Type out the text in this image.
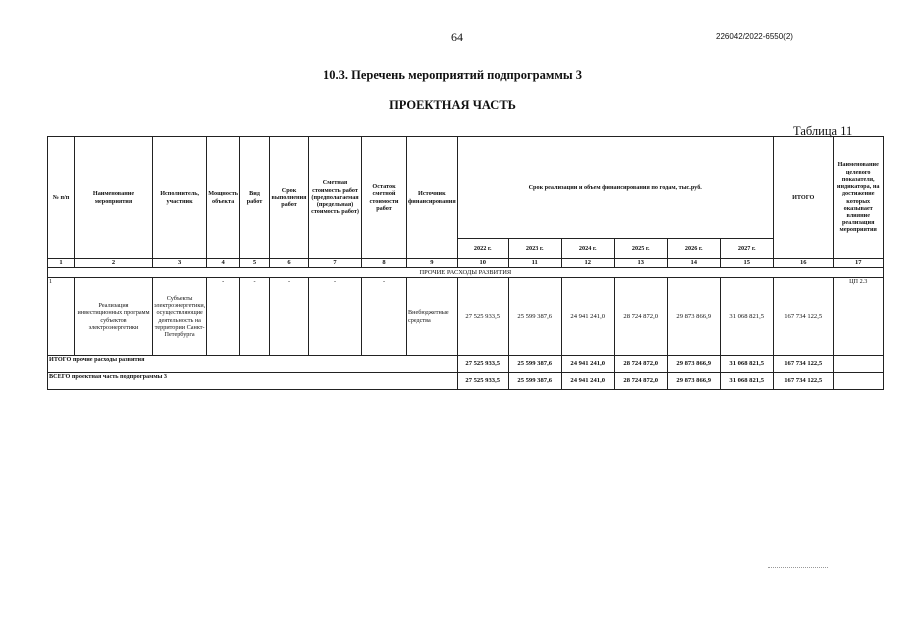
64	226042/2022-6550(2)
10.3. Перечень мероприятий подпрограммы 3
ПРОЕКТНАЯ ЧАСТЬ
Таблица 11
№ п/п	Наименование мероприятия	Исполнитель, участник	Мощность объекта	Вид работ	Срок выполнения работ	Сметная стоимость работ (предполагаемая (предельная) стоимость работ)	Остаток сметной стоимости работ	Источник финансирования	Срок реализации и объем финансирования по годам, тыс.руб.						ИТОГО	Наименование целевого показателя, индикатора, на достижение которых оказывает влияние реализация мероприятия
									2022 г.	2023 г.	2024 г.	2025 г.	2026 г.	2027 г.		
1	2	3	4	5	6	7	8	9	10	11	12	13	14	15	16	17
ПРОЧИЕ РАСХОДЫ РАЗВИТИЯ																
1	Реализация инвестиционных программ субъектов электроэнергетики	Субъекты электроэнергетики, осуществляющие деятельность на территории Санкт-Петербурга	-	-	-	-	-	Внебюджетные средства	27 525 933,5	25 599 387,6	24 941 241,0	28 724 872,0	29 873 866,9	31 068 821,5	167 734 122,5	ЦП 2.3
ИТОГО прочие расходы развития									27 525 933,5	25 599 387,6	24 941 241,0	28 724 872,0	29 873 866,9	31 068 821,5	167 734 122,5	
ВСЕГО проектная часть подпрограммы 3									27 525 933,5	25 599 387,6	24 941 241,0	28 724 872,0	29 873 866,9	31 068 821,5	167 734 122,5	
